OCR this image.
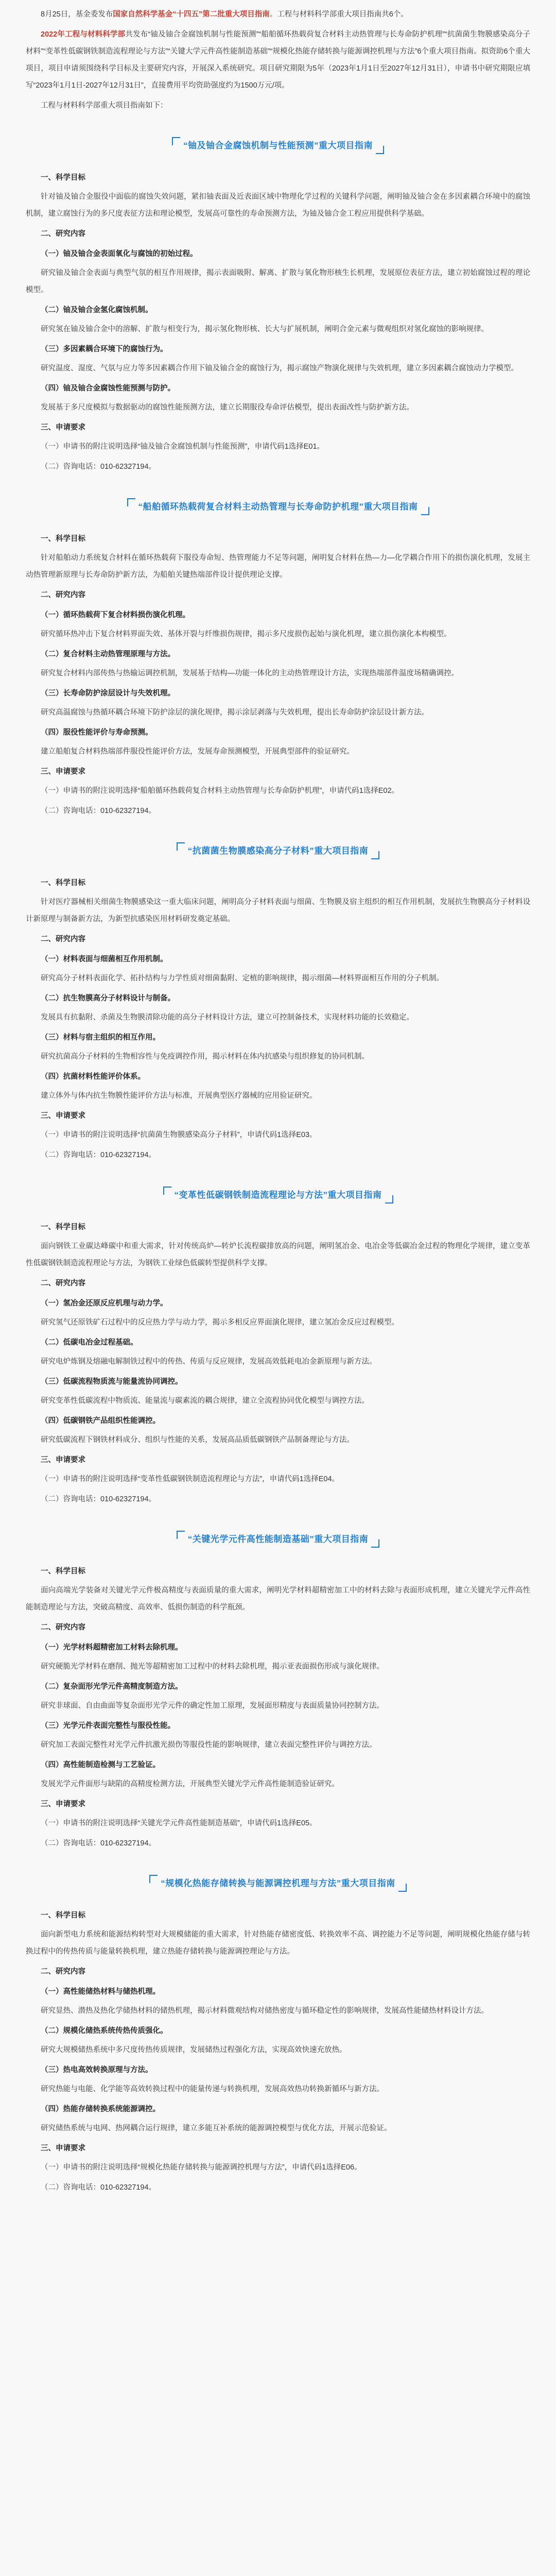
8月25日，基金委发布国家自然科学基金“十四五”第二批重大项目指南。工程与材料科学部重大项目指南共6个。

2022年工程与材料科学部共发布“铀及铀合金腐蚀机制与性能预测”“船舶循环热载荷复合材料主动热管理与长寿命防护机理”“抗菌菌生物膜感染高分子材料”“变革性低碳钢铁制造流程理论与方法”“关键大学元件高性能制造基础”“规模化热能存储转换与能源调控机理与方法”6个重大项目指南。拟资助6个重大项目，项目申请须围绕科学目标及主要研究内容，开展深入系统研究。项目研究期限为5年（2023年1月1日至2027年12月31日），申请书中研究期限应填写“2023年1月1日-2027年12月31日”，直接费用平均资助强度约为1500万元/项。

工程与材料科学部重大项目指南如下：

“铀及铀合金腐蚀机制与性能预测”重大项目指南

一、科学目标

针对铀及铀合金服役中面临的腐蚀失效问题，紧扣铀表面及近表面区域中物理化学过程的关键科学问题，阐明铀及铀合金在多因素耦合环境中的腐蚀机制，建立腐蚀行为的多尺度表征方法和理论模型，发展高可靠性的寿命预测方法，为铀及铀合金工程应用提供科学基础。

二、研究内容

（一）铀及铀合金表面氧化与腐蚀的初始过程。

研究铀及铀合金表面与典型气氛的相互作用规律，揭示表面吸附、解离、扩散与氧化物形核生长机理，发展原位表征方法，建立初始腐蚀过程的理论模型。

（二）铀及铀合金氢化腐蚀机制。

研究氢在铀及铀合金中的溶解、扩散与相变行为，揭示氢化物形核、长大与扩展机制，阐明合金元素与微观组织对氢化腐蚀的影响规律。

（三）多因素耦合环境下的腐蚀行为。

研究温度、湿度、气氛与应力等多因素耦合作用下铀及铀合金的腐蚀行为，揭示腐蚀产物演化规律与失效机理，建立多因素耦合腐蚀动力学模型。

（四）铀及铀合金腐蚀性能预测与防护。

发展基于多尺度模拟与数据驱动的腐蚀性能预测方法，建立长期服役寿命评估模型，提出表面改性与防护新方法。

三、申请要求

（一）申请书的附注说明选择“铀及铀合金腐蚀机制与性能预测”，申请代码1选择E01。

（二）咨询电话：010-62327194。

“船舶循环热载荷复合材料主动热管理与长寿命防护机理”重大项目指南

一、科学目标

针对船舶动力系统复合材料在循环热载荷下服役寿命短、热管理能力不足等问题，阐明复合材料在热—力—化学耦合作用下的损伤演化机理，发展主动热管理新原理与长寿命防护新方法，为船舶关键热端部件设计提供理论支撑。

二、研究内容

（一）循环热载荷下复合材料损伤演化机理。

研究循环热冲击下复合材料界面失效、基体开裂与纤维损伤规律，揭示多尺度损伤起始与演化机理，建立损伤演化本构模型。

（二）复合材料主动热管理原理与方法。

研究复合材料内部传热与热输运调控机制，发展基于结构—功能一体化的主动热管理设计方法，实现热端部件温度场精确调控。

（三）长寿命防护涂层设计与失效机理。

研究高温腐蚀与热循环耦合环境下防护涂层的演化规律，揭示涂层剥落与失效机理，提出长寿命防护涂层设计新方法。

（四）服役性能评价与寿命预测。

建立船舶复合材料热端部件服役性能评价方法，发展寿命预测模型，开展典型部件的验证研究。

三、申请要求

（一）申请书的附注说明选择“船舶循环热载荷复合材料主动热管理与长寿命防护机理”，申请代码1选择E02。

（二）咨询电话：010-62327194。

“抗菌菌生物膜感染高分子材料”重大项目指南

一、科学目标

针对医疗器械相关细菌生物膜感染这一重大临床问题，阐明高分子材料表面与细菌、生物膜及宿主组织的相互作用机制，发展抗生物膜高分子材料设计新原理与制备新方法，为新型抗感染医用材料研发奠定基础。

二、研究内容

（一）材料表面与细菌相互作用机制。

研究高分子材料表面化学、拓扑结构与力学性质对细菌黏附、定植的影响规律，揭示细菌—材料界面相互作用的分子机制。

（二）抗生物膜高分子材料设计与制备。

发展具有抗黏附、杀菌及生物膜清除功能的高分子材料设计方法，建立可控制备技术，实现材料功能的长效稳定。

（三）材料与宿主组织的相互作用。

研究抗菌高分子材料的生物相容性与免疫调控作用，揭示材料在体内抗感染与组织修复的协同机制。

（四）抗菌材料性能评价体系。

建立体外与体内抗生物膜性能评价方法与标准，开展典型医疗器械的应用验证研究。

三、申请要求

（一）申请书的附注说明选择“抗菌菌生物膜感染高分子材料”，申请代码1选择E03。

（二）咨询电话：010-62327194。

“变革性低碳钢铁制造流程理论与方法”重大项目指南

一、科学目标

面向钢铁工业碳达峰碳中和重大需求，针对传统高炉—转炉长流程碳排放高的问题，阐明氢冶金、电冶金等低碳冶金过程的物理化学规律，建立变革性低碳钢铁制造流程理论与方法，为钢铁工业绿色低碳转型提供科学支撑。

二、研究内容

（一）氢冶金还原反应机理与动力学。

研究氢气还原铁矿石过程中的反应热力学与动力学，揭示多相反应界面演化规律，建立氢冶金反应过程模型。

（二）低碳电冶金过程基础。

研究电炉炼钢及熔融电解制铁过程中的传热、传质与反应规律，发展高效低耗电冶金新原理与新方法。

（三）低碳流程物质流与能量流协同调控。

研究变革性低碳流程中物质流、能量流与碳素流的耦合规律，建立全流程协同优化模型与调控方法。

（四）低碳钢铁产品组织性能调控。

研究低碳流程下钢铁材料成分、组织与性能的关系，发展高品质低碳钢铁产品制备理论与方法。

三、申请要求

（一）申请书的附注说明选择“变革性低碳钢铁制造流程理论与方法”，申请代码1选择E04。

（二）咨询电话：010-62327194。

“关键光学元件高性能制造基础”重大项目指南

一、科学目标

面向高端光学装备对关键光学元件极高精度与表面质量的重大需求，阐明光学材料超精密加工中的材料去除与表面形成机理，建立关键光学元件高性能制造理论与方法，突破高精度、高效率、低损伤制造的科学瓶颈。

二、研究内容

（一）光学材料超精密加工材料去除机理。

研究硬脆光学材料在磨削、抛光等超精密加工过程中的材料去除机理，揭示亚表面损伤形成与演化规律。

（二）复杂面形光学元件高精度制造方法。

研究非球面、自由曲面等复杂面形光学元件的确定性加工原理，发展面形精度与表面质量协同控制方法。

（三）光学元件表面完整性与服役性能。

研究加工表面完整性对光学元件抗激光损伤等服役性能的影响规律，建立表面完整性评价与调控方法。

（四）高性能制造检测与工艺验证。

发展光学元件面形与缺陷的高精度检测方法，开展典型关键光学元件高性能制造验证研究。

三、申请要求

（一）申请书的附注说明选择“关键光学元件高性能制造基础”，申请代码1选择E05。

（二）咨询电话：010-62327194。

“规模化热能存储转换与能源调控机理与方法”重大项目指南

一、科学目标

面向新型电力系统和能源结构转型对大规模储能的重大需求，针对热能存储密度低、转换效率不高、调控能力不足等问题，阐明规模化热能存储与转换过程中的传热传质与能量转换机理，建立热能存储转换与能源调控理论与方法。

二、研究内容

（一）高性能储热材料与储热机理。

研究显热、潜热及热化学储热材料的储热机理，揭示材料微观结构对储热密度与循环稳定性的影响规律，发展高性能储热材料设计方法。

（二）规模化储热系统传热传质强化。

研究大规模储热系统中多尺度传热传质规律，发展储热过程强化方法，实现高效快速充放热。

（三）热电高效转换原理与方法。

研究热能与电能、化学能等高效转换过程中的能量传递与转换机理，发展高效热功转换新循环与新方法。

（四）热能存储转换系统能源调控。

研究储热系统与电网、热网耦合运行规律，建立多能互补系统的能源调控模型与优化方法，开展示范验证。

三、申请要求

（一）申请书的附注说明选择“规模化热能存储转换与能源调控机理与方法”，申请代码1选择E06。

（二）咨询电话：010-62327194。
